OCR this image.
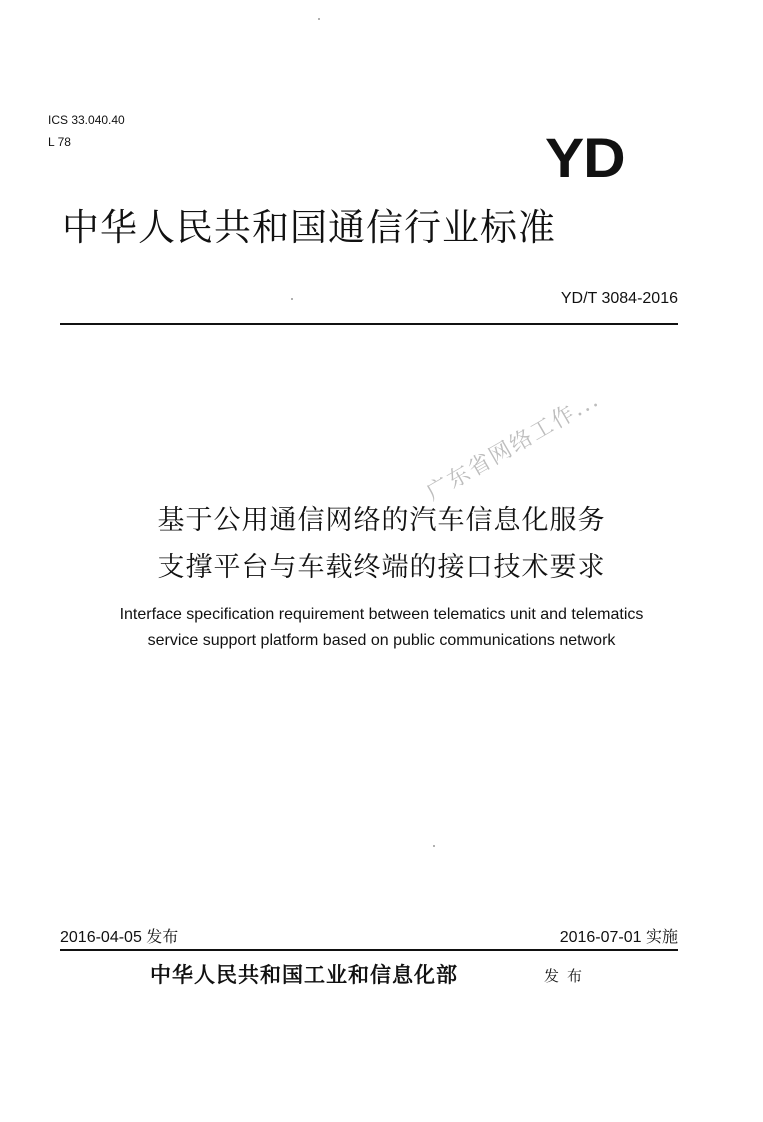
ICS 33.040.40
L 78	YD
中华人民共和国通信行业标准
YD/T 3084-2016
广东省网络工作...
基于公用通信网络的汽车信息化服务
支撑平台与车载终端的接口技术要求
Interface specification requirement between telematics unit and telematics
service support platform based on public communications network
2016-04-05 发布	2016-07-01 实施
中华人民共和国工业和信息化部	发布
